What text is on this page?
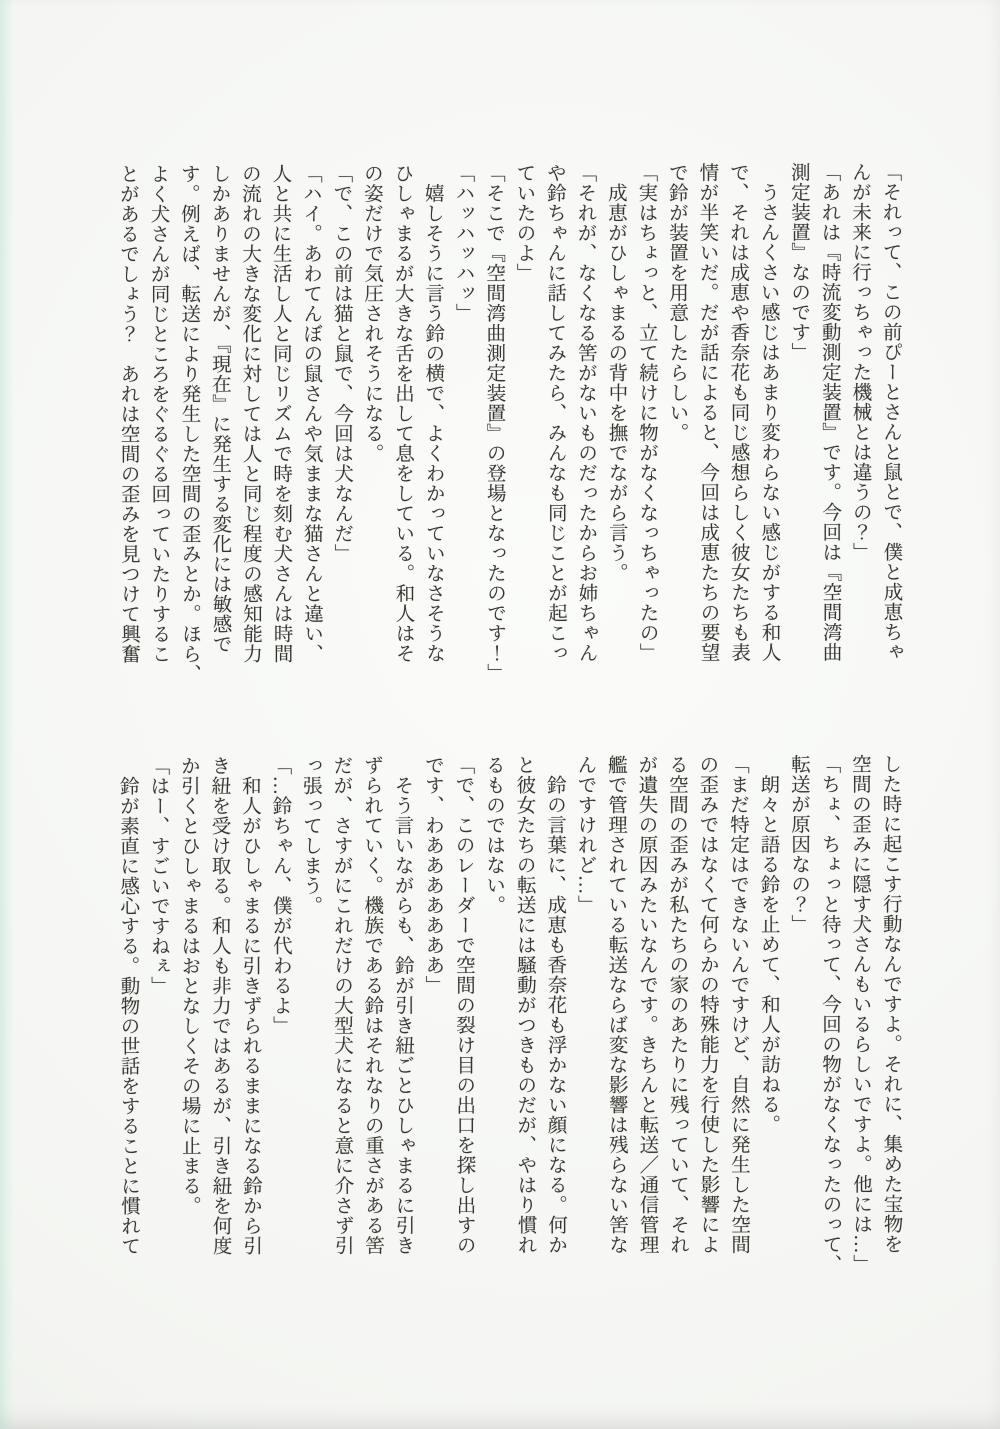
「それって、この前ぴーとさんと鼠とで、僕と成恵ちゃ
んが未来に行っちゃった機械とは違うの？」
「あれは『時流変動測定装置』です。今回は『空間湾曲
測定装置』なのです」
うさんくさい感じはあまり変わらない感じがする和人
で、それは成恵や香奈花も同じ感想らしく彼女たちも表
情が半笑いだ。だが話によると、今回は成恵たちの要望
で鈴が装置を用意したらしい。
「実はちょっと、立て続けに物がなくなっちゃったの」
成恵がひしゃまるの背中を撫でながら言う。
「それが、なくなる筈がないものだったからお姉ちゃん
や鈴ちゃんに話してみたら、みんなも同じことが起こっ
ていたのよ」
「そこで『空間湾曲測定装置』の登場となったのです！」
「ハッハッハッ」
嬉しそうに言う鈴の横で、よくわかっていなさそうな
ひしゃまるが大きな舌を出して息をしている。和人はそ
の姿だけで気圧されそうになる。
「で、この前は猫と鼠で、今回は犬なんだ」
「ハイ。あわてんぼの鼠さんや気ままな猫さんと違い、
人と共に生活し人と同じリズムで時を刻む犬さんは時間
の流れの大きな変化に対しては人と同じ程度の感知能力
しかありませんが、『現在』に発生する変化には敏感で
す。例えば、転送により発生した空間の歪みとか。ほら、
よく犬さんが同じところをぐるぐる回っていたりするこ
とがあるでしょう？　あれは空間の歪みを見つけて興奮
した時に起こす行動なんですよ。それに、集めた宝物を
空間の歪みに隠す犬さんもいるらしいですよ。他には…」
「ちょ、ちょっと待って、今回の物がなくなったのって、
転送が原因なの？」
朗々と語る鈴を止めて、和人が訪ねる。
「まだ特定はできないんですけど、自然に発生した空間
の歪みではなくて何らかの特殊能力を行使した影響によ
る空間の歪みが私たちの家のあたりに残っていて、それ
が遺失の原因みたいなんです。きちんと転送／通信管理
艦で管理されている転送ならば変な影響は残らない筈な
んですけれど…」
鈴の言葉に、成恵も香奈花も浮かない顔になる。何か
と彼女たちの転送には騒動がつきものだが、やはり慣れ
るものではない。
「で、このレーダーで空間の裂け目の出口を探し出すの
です、わあああああああ」
そう言いながらも、鈴が引き紐ごとひしゃまるに引き
ずられていく。機族である鈴はそれなりの重さがある筈
だが、さすがにこれだけの大型犬になると意に介さず引
っ張ってしまう。
「…鈴ちゃん、僕が代わるよ」
和人がひしゃまるに引きずられるままになる鈴から引
き紐を受け取る。和人も非力ではあるが、引き紐を何度
か引くとひしゃまるはおとなしくその場に止まる。
「はー、すごいですねぇ」
鈴が素直に感心する。動物の世話をすることに慣れて
